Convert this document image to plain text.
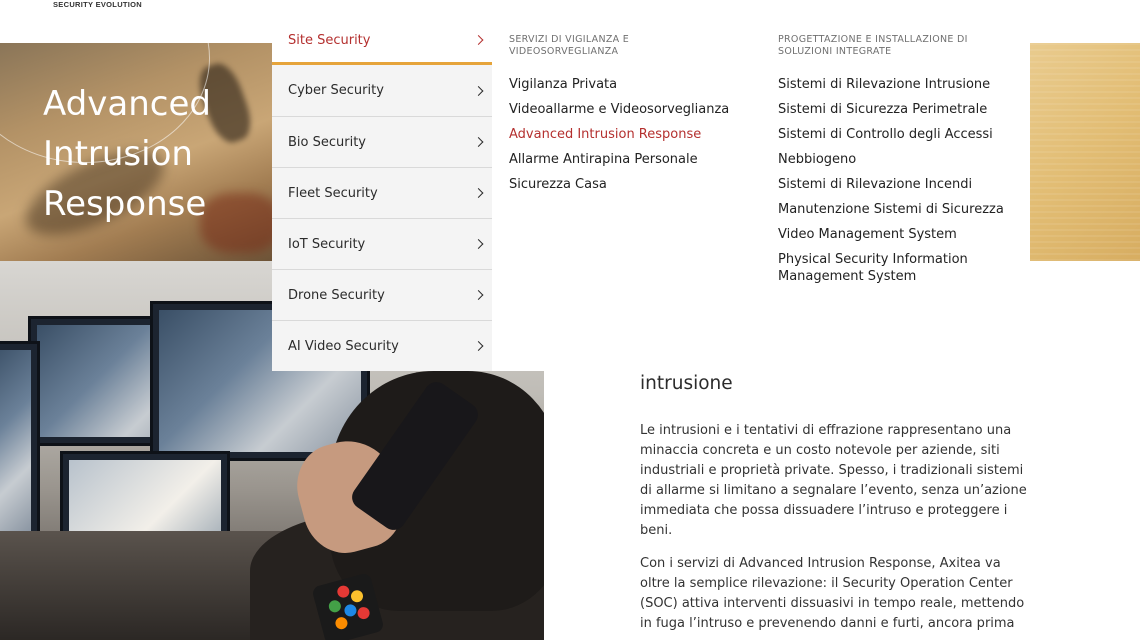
SECURITY EVOLUTION
Advanced Intrusion
Response
Site Security
Cyber Security
Bio Security
Fleet Security
IoT Security
Drone Security
AI Video Security
SERVIZI DI VIGILANZA E VIDEOSORVEGLIANZA
Vigilanza Privata
Videoallarme e Videosorveglianza
Advanced Intrusion Response
Allarme Antirapina Personale
Sicurezza Casa
PROGETTAZIONE E INSTALLAZIONE DI SOLUZIONI INTEGRATE
Sistemi di Rilevazione Intrusione
Sistemi di Sicurezza Perimetrale
Sistemi di Controllo degli Accessi
Nebbiogeno
Sistemi di Rilevazione Incendi
Manutenzione Sistemi di Sicurezza
Video Management System
Physical Security Information Management System
intrusione
Le intrusioni e i tentativi di effrazione rappresentano una minaccia concreta e un costo notevole per aziende, siti industriali e proprietà private. Spesso, i tradizionali sistemi di allarme si limitano a segnalare l’evento, senza un’azione immediata che possa dissuadere l’intruso e proteggere i beni.
Con i servizi di Advanced Intrusion Response, Axitea va oltre la semplice rilevazione: il Security Operation Center (SOC) attiva interventi dissuasivi in tempo reale, mettendo in fuga l’intruso e prevenendo danni e furti, ancora prima
